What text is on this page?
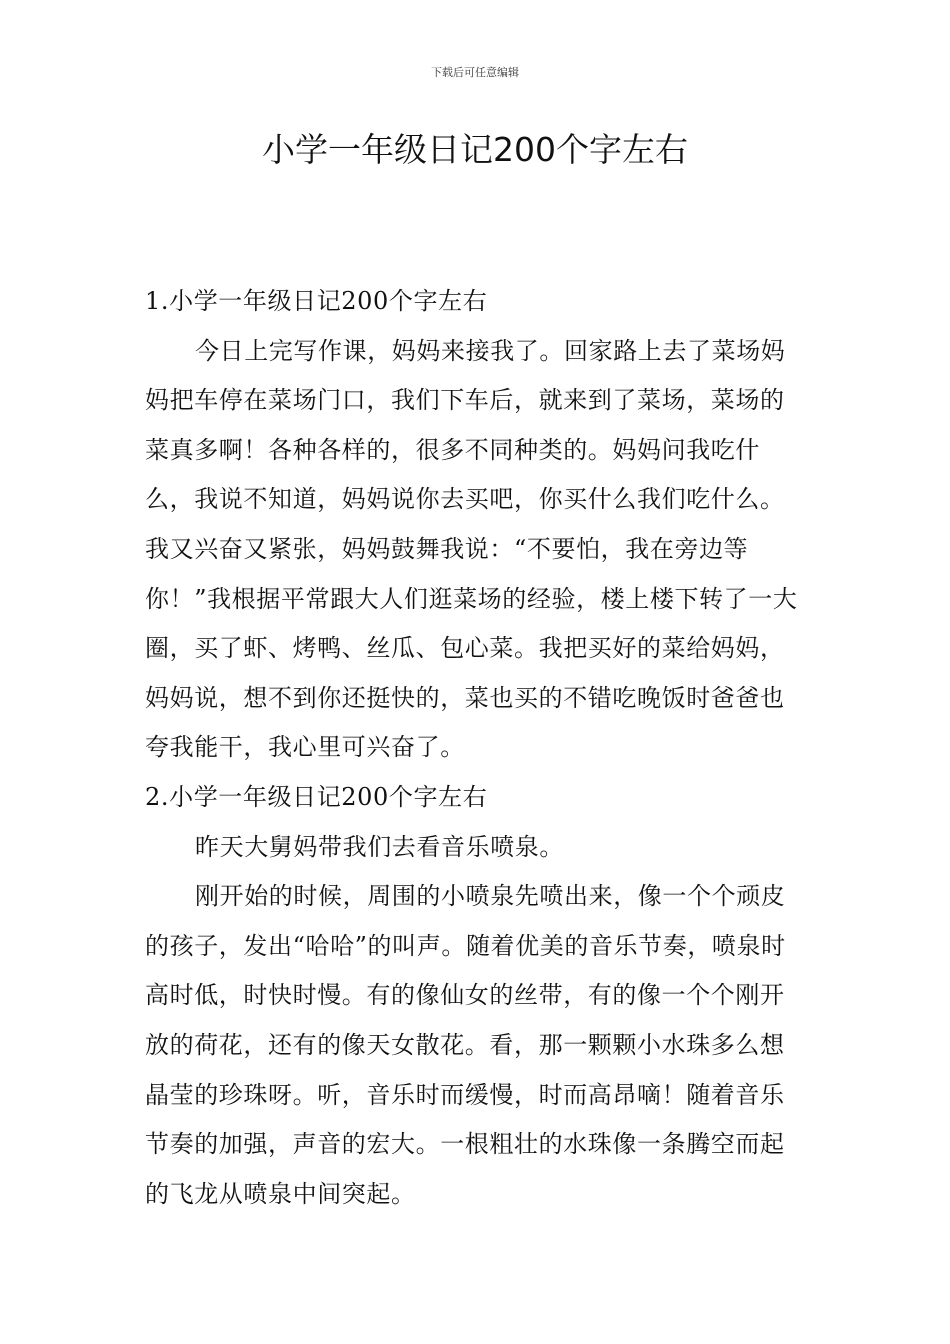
下载后可任意编辑
小学一年级日记200个字左右

1.小学一年级日记200个字左右

今日上完写作课，妈妈来接我了。回家路上去了菜场妈妈把车停在菜场门口，我们下车后，就来到了菜场，菜场的菜真多啊！各种各样的，很多不同种类的。妈妈问我吃什么，我说不知道，妈妈说你去买吧，你买什么我们吃什么。我又兴奋又紧张，妈妈鼓舞我说：“不要怕，我在旁边等你！”我根据平常跟大人们逛菜场的经验，楼上楼下转了一大圈，买了虾、烤鸭、丝瓜、包心菜。我把买好的菜给妈妈，妈妈说，想不到你还挺快的，菜也买的不错吃晚饭时爸爸也夸我能干，我心里可兴奋了。

2.小学一年级日记200个字左右

昨天大舅妈带我们去看音乐喷泉。

刚开始的时候，周围的小喷泉先喷出来，像一个个顽皮的孩子，发出“哈哈”的叫声。随着优美的音乐节奏，喷泉时高时低，时快时慢。有的像仙女的丝带，有的像一个个刚开放的荷花，还有的像天女散花。看，那一颗颗小水珠多么想晶莹的珍珠呀。听，音乐时而缓慢，时而高昂嘀！随着音乐节奏的加强，声音的宏大。一根粗壮的水珠像一条腾空而起的飞龙从喷泉中间突起。
